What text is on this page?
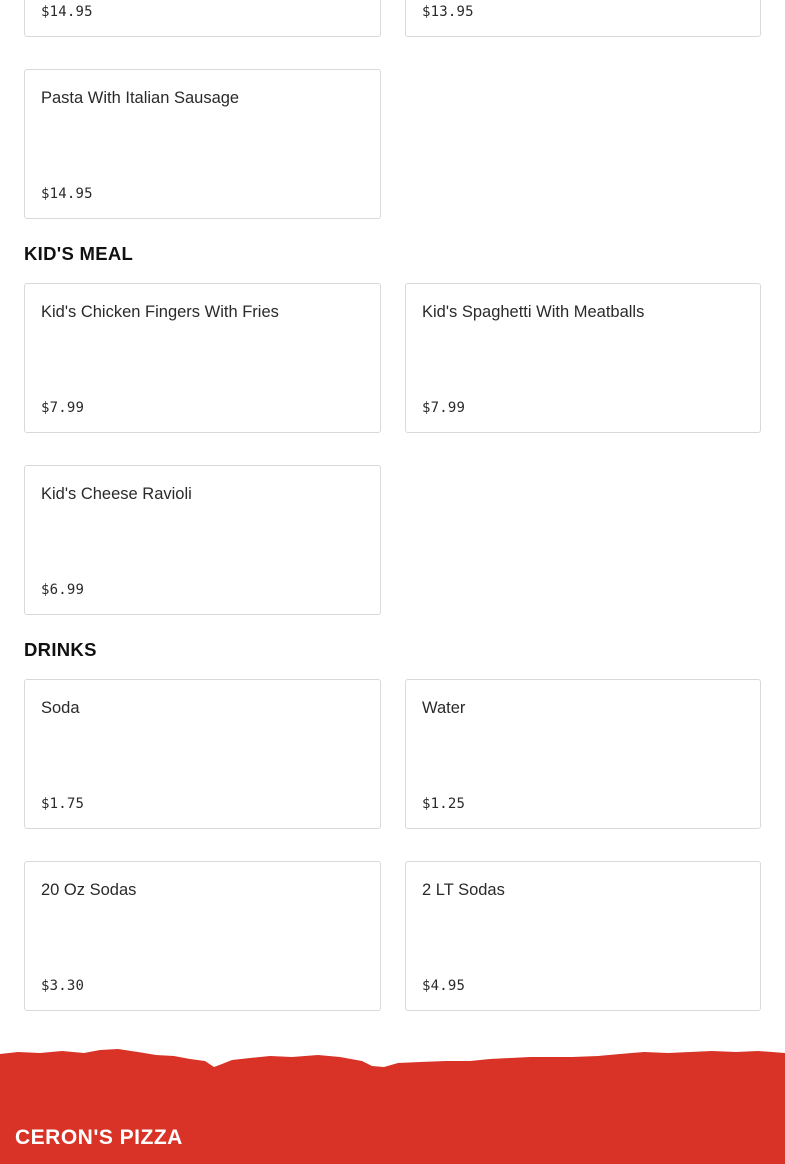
$14.95	$13.95
Pasta With Italian Sausage
$14.95
KID'S MEAL
Kid's Chicken Fingers With Fries
$7.99
Kid's Spaghetti With Meatballs
$7.99
Kid's Cheese Ravioli
$6.99
DRINKS
Soda
$1.75
Water
$1.25
20 Oz Sodas
$3.30
2 LT Sodas
$4.95
CERON'S PIZZA
